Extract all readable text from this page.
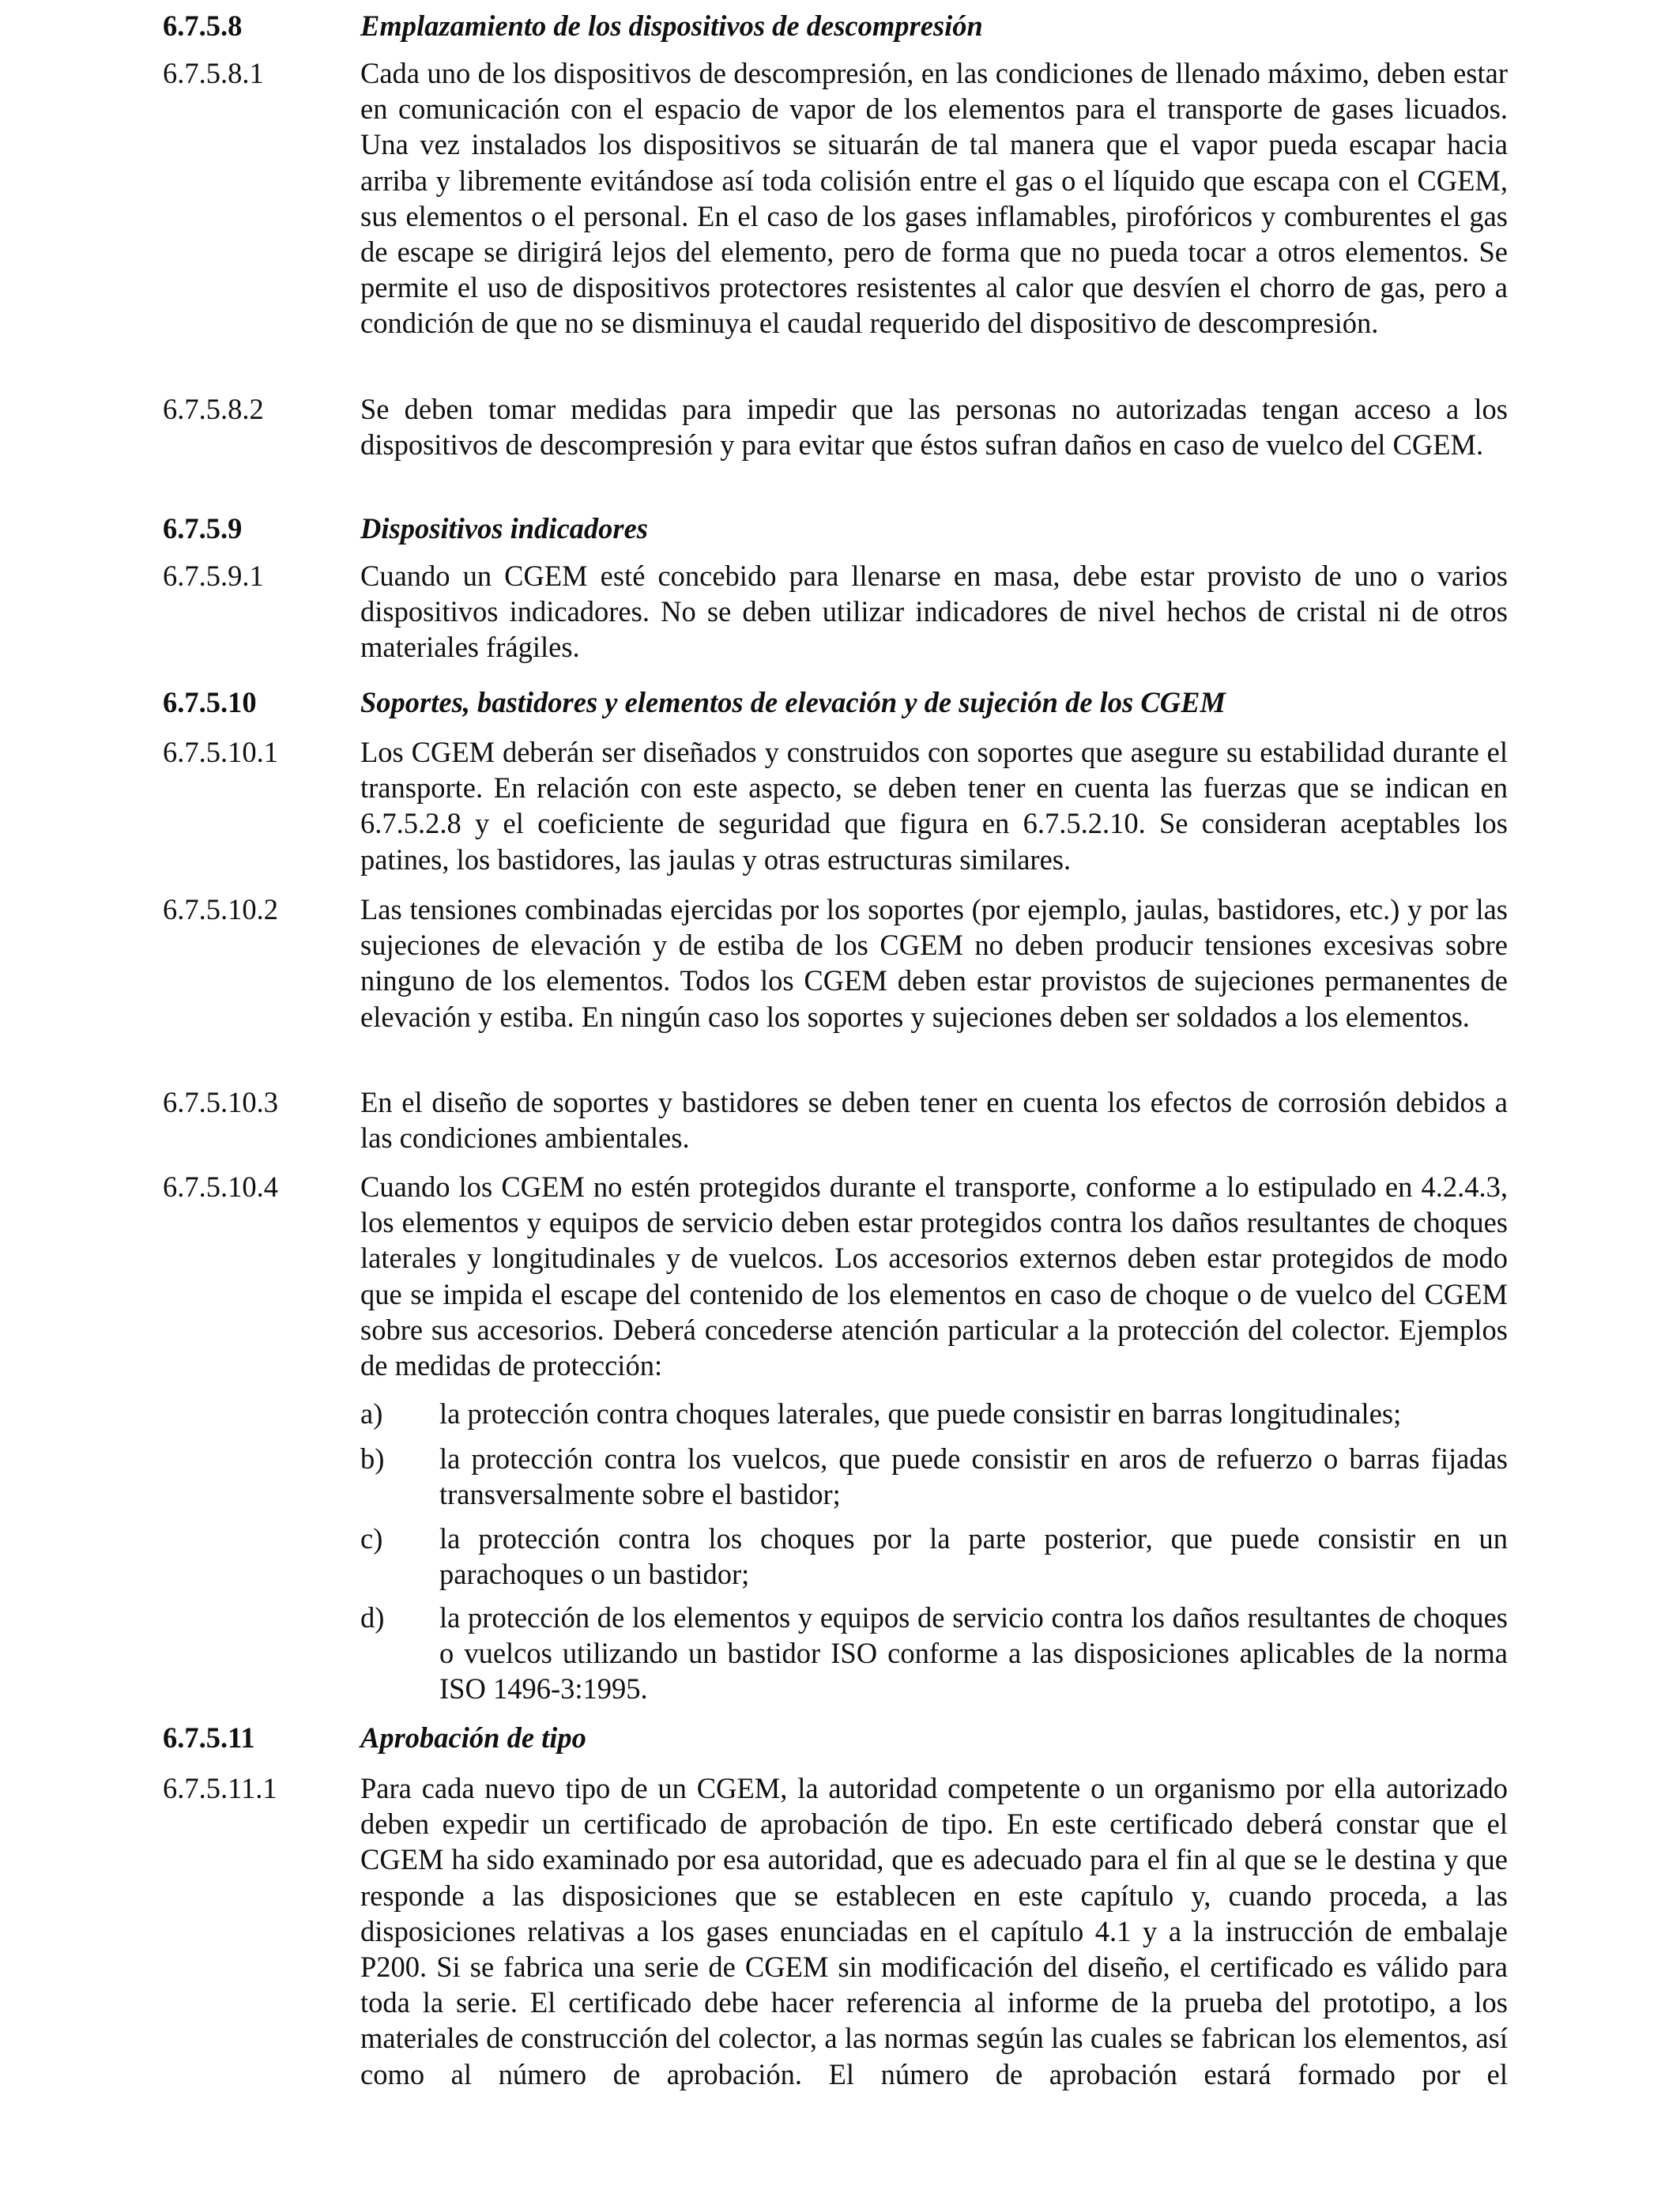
6.7.5.8	Emplazamiento de los dispositivos de descompresión
6.7.5.8.1	Cada uno de los dispositivos de descompresión, en las condiciones de llenado máximo, deben estar en comunicación con el espacio de vapor de los elementos para el transporte de gases licuados. Una vez instalados los dispositivos se situarán de tal manera que el vapor pueda escapar hacia arriba y libremente evitándose así toda colisión entre el gas o el líquido que escapa con el CGEM, sus elementos o el personal. En el caso de los gases inflamables, pirofóricos y comburentes el gas de escape se dirigirá lejos del elemento, pero de forma que no pueda tocar a otros elementos. Se permite el uso de dispositivos protectores resistentes al calor que desvíen el chorro de gas, pero a condición de que no se disminuya el caudal requerido del dispositivo de descompresión.
6.7.5.8.2	Se deben tomar medidas para impedir que las personas no autorizadas tengan acceso a los dispositivos de descompresión y para evitar que éstos sufran daños en caso de vuelco del CGEM.
6.7.5.9	Dispositivos indicadores
6.7.5.9.1	Cuando un CGEM esté concebido para llenarse en masa, debe estar provisto de uno o varios dispositivos indicadores. No se deben utilizar indicadores de nivel hechos de cristal ni de otros materiales frágiles.
6.7.5.10	Soportes, bastidores y elementos de elevación y de sujeción de los CGEM
6.7.5.10.1	Los CGEM deberán ser diseñados y construidos con soportes que asegure su estabilidad durante el transporte. En relación con este aspecto, se deben tener en cuenta las fuerzas que se indican en 6.7.5.2.8 y el coeficiente de seguridad que figura en 6.7.5.2.10. Se consideran aceptables los patines, los bastidores, las jaulas y otras estructuras similares.
6.7.5.10.2	Las tensiones combinadas ejercidas por los soportes (por ejemplo, jaulas, bastidores, etc.) y por las sujeciones de elevación y de estiba de los CGEM no deben producir tensiones excesivas sobre ninguno de los elementos. Todos los CGEM deben estar provistos de sujeciones permanentes de elevación y estiba. En ningún caso los soportes y sujeciones deben ser soldados a los elementos.
6.7.5.10.3	En el diseño de soportes y bastidores se deben tener en cuenta los efectos de corrosión debidos a las condiciones ambientales.
6.7.5.10.4	Cuando los CGEM no estén protegidos durante el transporte, conforme a lo estipulado en 4.2.4.3, los elementos y equipos de servicio deben estar protegidos contra los daños resultantes de choques laterales y longitudinales y de vuelcos. Los accesorios externos deben estar protegidos de modo que se impida el escape del contenido de los elementos en caso de choque o de vuelco del CGEM sobre sus accesorios. Deberá concederse atención particular a la protección del colector. Ejemplos de medidas de protección:
a) la protección contra choques laterales, que puede consistir en barras longitudinales;
b) la protección contra los vuelcos, que puede consistir en aros de refuerzo o barras fijadas transversalmente sobre el bastidor;
c) la protección contra los choques por la parte posterior, que puede consistir en un parachoques o un bastidor;
d) la protección de los elementos y equipos de servicio contra los daños resultantes de choques o vuelcos utilizando un bastidor ISO conforme a las disposiciones aplicables de la norma ISO 1496-3:1995.
6.7.5.11	Aprobación de tipo
6.7.5.11.1	Para cada nuevo tipo de un CGEM, la autoridad competente o un organismo por ella autorizado deben expedir un certificado de aprobación de tipo. En este certificado deberá constar que el CGEM ha sido examinado por esa autoridad, que es adecuado para el fin al que se le destina y que responde a las disposiciones que se establecen en este capítulo y, cuando proceda, a las disposiciones relativas a los gases enunciadas en el capítulo 4.1 y a la instrucción de embalaje P200. Si se fabrica una serie de CGEM sin modificación del diseño, el certificado es válido para toda la serie. El certificado debe hacer referencia al informe de la prueba del prototipo, a los materiales de construcción del colector, a las normas según las cuales se fabrican los elementos, así como al número de aprobación. El número de aprobación estará formado por el
